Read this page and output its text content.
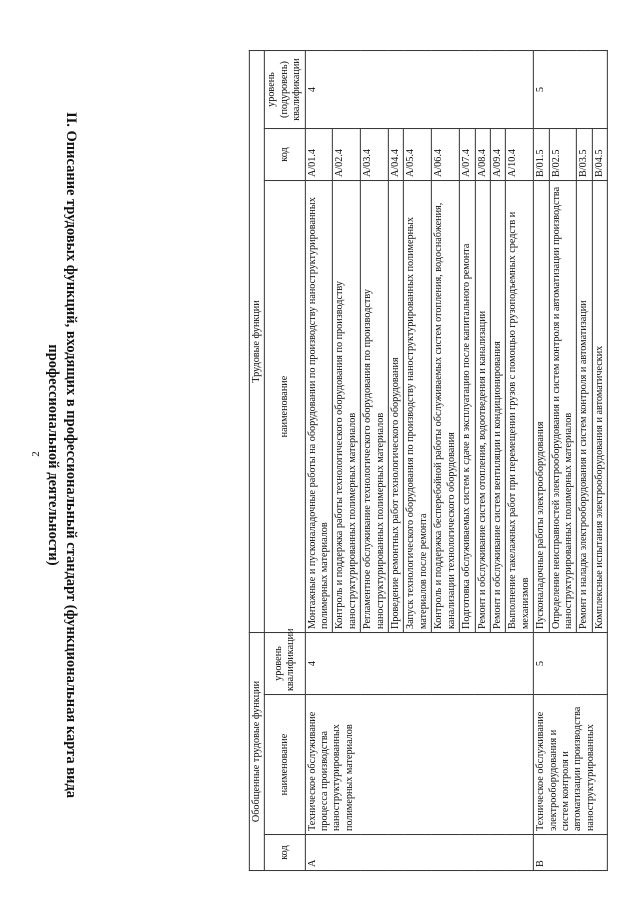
2 II. Описание трудовых функций, входящих в профессиональный стандарт (функциональная карта вида
профессиональной деятельности)
Обобщенные трудовые функции			Трудовые функции		
код	наименование	уровень квалификации	наименование	код	уровень (подуровень) квалификации
A	Техническое обслуживание процесса производства наноструктурированных полимерных материалов	4	Монтажные и пусконаладочные работы на оборудовании по производству наноструктурированных полимерных материалов	A/01.4	4
			Контроль и поддержка работы технологического оборудования по производству наноструктурированных полимерных материалов	A/02.4	
			Регламентное обслуживание технологического оборудования по производству наноструктурированных полимерных материалов	A/03.4	
			Проведение ремонтных работ технологического оборудования	A/04.4	
			Запуск технологического оборудования по производству наноструктурированных полимерных материалов после ремонта	A/05.4	
			Контроль и поддержка бесперебойной работы обслуживаемых систем отопления, водоснабжения, канализации технологического оборудования	A/06.4	
			Подготовка обслуживаемых систем к сдаче в эксплуатацию после капитального ремонта	A/07.4	
			Ремонт и обслуживание систем отопления, водоотведения и канализации	A/08.4	
			Ремонт и обслуживание систем вентиляции и кондиционирования	A/09.4	
			Выполнение такелажных работ при перемещении грузов с помощью грузоподъемных средств и механизмов	A/10.4	
B	Техническое обслуживание электрооборудования и систем контроля и автоматизации производства наноструктурированных	5	Пусконаладочные работы электрооборудования	B/01.5	5
			Определение неисправностей электрооборудования и систем контроля и автоматизации производства наноструктурированных полимерных материалов	B/02.5	
			Ремонт и наладка электрооборудования и систем контроля и автоматизации	B/03.5	
			Комплексные испытания электрооборудования и автоматических	B/04.5	
